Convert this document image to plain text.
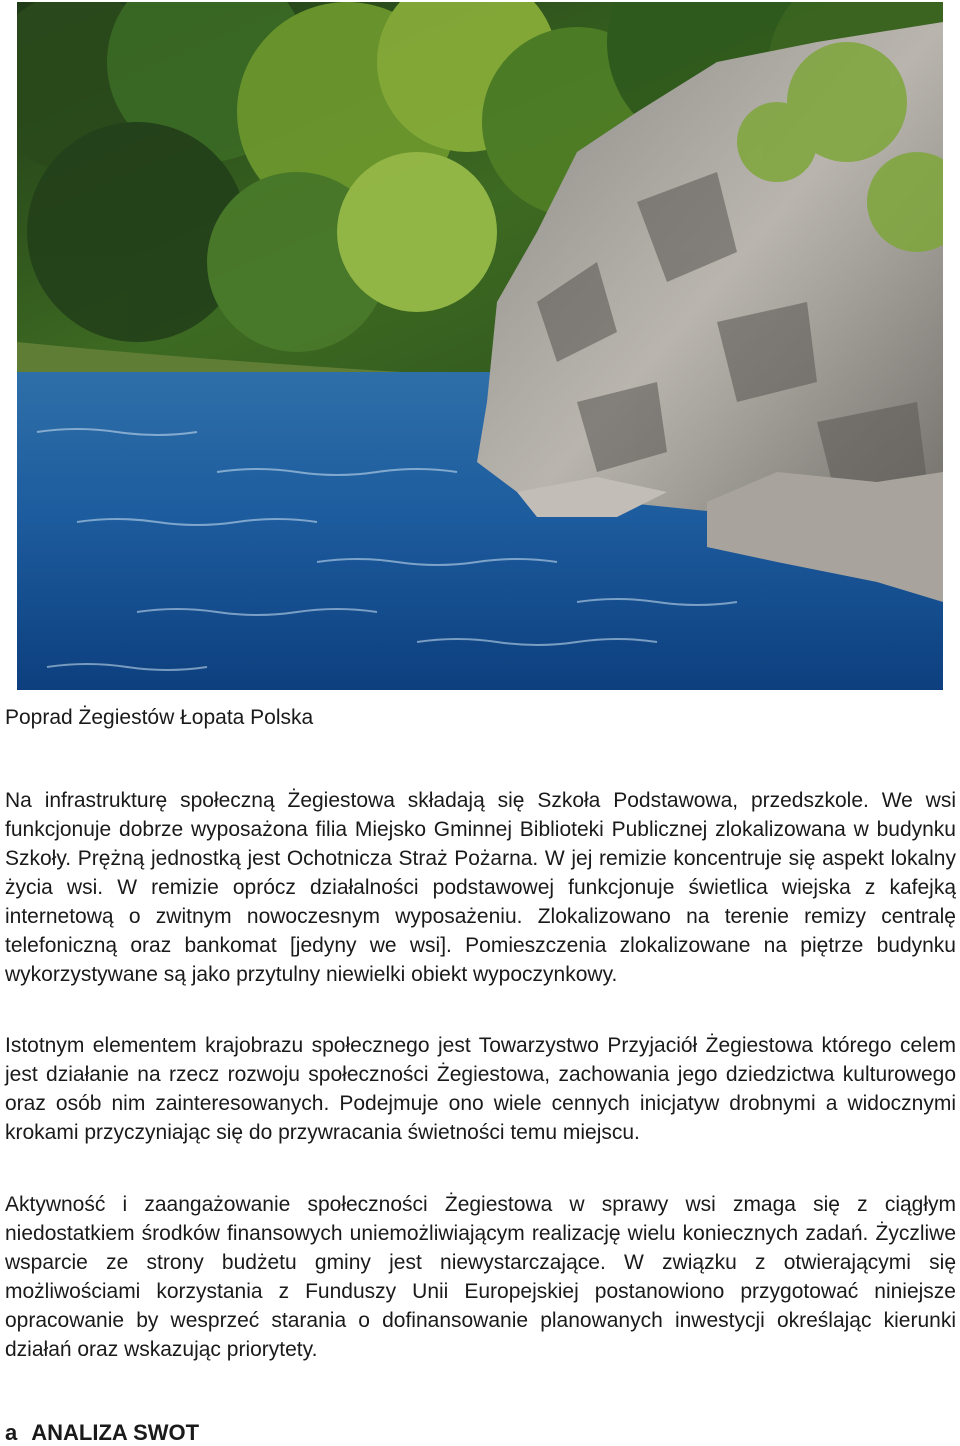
Poprad Żegiestów Łopata Polska

Na infrastrukturę społeczną Żegiestowa składają się Szkoła Podstawowa, przedszkole. We wsi funkcjonuje dobrze wyposażona filia Miejsko Gminnej Biblioteki Publicznej zlokalizowana w budynku Szkoły. Prężną jednostką jest Ochotnicza Straż Pożarna. W jej remizie koncentruje się aspekt lokalny życia wsi. W remizie oprócz działalności podstawowej funkcjonuje świetlica wiejska z kafejką internetową o zwitnym nowoczesnym wyposażeniu. Zlokalizowano na terenie remizy centralę telefoniczną oraz bankomat [jedyny we wsi]. Pomieszczenia zlokalizowane na piętrze budynku wykorzystywane są jako przytulny niewielki obiekt wypoczynkowy.

Istotnym elementem krajobrazu społecznego jest Towarzystwo Przyjaciół Żegiestowa którego celem jest działanie na rzecz rozwoju społeczności Żegiestowa, zachowania jego dziedzictwa kulturowego oraz osób nim zainteresowanych. Podejmuje ono wiele cennych inicjatyw drobnymi a widocznymi krokami przyczyniając się do przywracania świetności temu miejscu.

Aktywność i zaangażowanie społeczności Żegiestowa w sprawy wsi zmaga się z ciągłym niedostatkiem środków finansowych uniemożliwiającym realizację wielu koniecznych zadań. Życzliwe wsparcie ze strony budżetu gminy jest niewystarczające. W związku z otwierającymi się możliwościami korzystania z Funduszy Unii Europejskiej postanowiono przygotować niniejsze opracowanie by wesprzeć starania o dofinansowanie planowanych inwestycji określając kierunki działań oraz wskazując priorytety.

a ANALIZA SWOT
